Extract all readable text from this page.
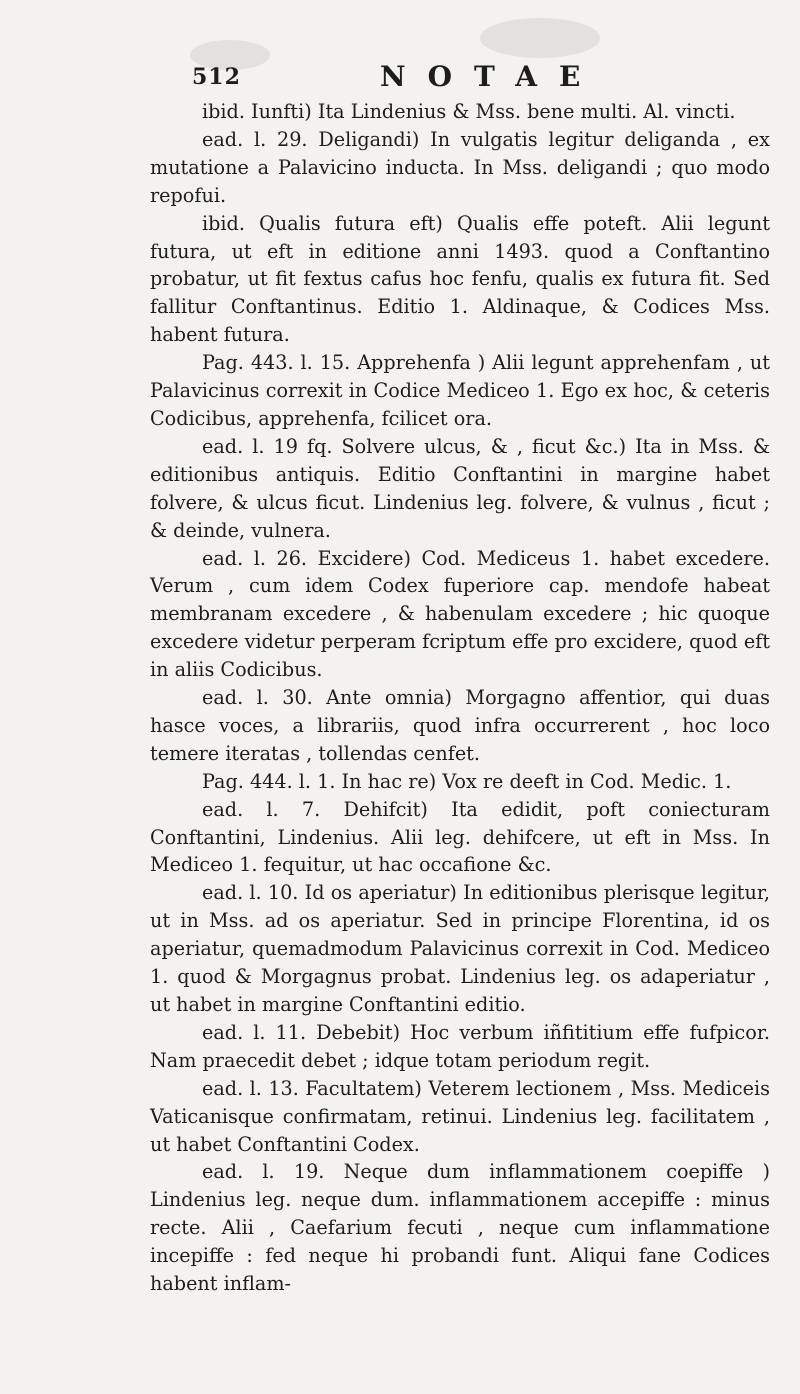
512	NOTAE

ibid. Iunfti) Ita Lindenius & Mss. bene multi. Al. vincti.

ead. l. 29. Deligandi) In vulgatis legitur deliganda , ex mutatione a Palavicino inducta. In Mss. deligandi ; quo modo repofui.

ibid. Qualis futura eft) Qualis effe poteft. Alii legunt futura, ut eft in editione anni 1493. quod a Conftantino probatur, ut fit fextus cafus hoc fenfu, qualis ex futura fit. Sed fallitur Conftantinus. Editio 1. Aldinaque, & Codices Mss. habent futura.

Pag. 443. l. 15. Apprehenfa ) Alii legunt apprehenfam , ut Palavicinus correxit in Codice Mediceo 1. Ego ex hoc, & ceteris Codicibus, apprehenfa, fcilicet ora.

ead. l. 19 fq. Solvere ulcus, & , ficut &c.) Ita in Mss. & editionibus antiquis. Editio Conftantini in margine habet folvere, & ulcus ficut. Lindenius leg. folvere, & vulnus , ficut ; & deinde, vulnera.

ead. l. 26. Excidere) Cod. Mediceus 1. habet excedere. Verum , cum idem Codex fuperiore cap. mendofe habeat membranam excedere , & habenulam excedere ; hic quoque excedere videtur perperam fcriptum effe pro excidere, quod eft in aliis Codicibus.

ead. l. 30. Ante omnia) Morgagno affentior, qui duas hasce voces, a librariis, quod infra occurrerent , hoc loco temere iteratas , tollendas cenfet.

Pag. 444. l. 1. In hac re) Vox re deeft in Cod. Medic. 1.

ead. l. 7. Dehifcit) Ita edidit, poft coniecturam Conftantini, Lindenius. Alii leg. dehifcere, ut eft in Mss. In Mediceo 1. fequitur, ut hac occafione &c.

ead. l. 10. Id os aperiatur) In editionibus plerisque legitur, ut in Mss. ad os aperiatur. Sed in principe Florentina, id os aperiatur, quemadmodum Palavicinus correxit in Cod. Mediceo 1. quod & Morgagnus probat. Lindenius leg. os adaperiatur , ut habet in margine Conftantini editio.

ead. l. 11. Debebit) Hoc verbum iñfititium effe fufpicor. Nam praecedit debet ; idque totam periodum regit.

ead. l. 13. Facultatem) Veterem lectionem , Mss. Mediceis Vaticanisque confirmatam, retinui. Lindenius leg. facilitatem , ut habet Conftantini Codex.

ead. l. 19. Neque dum inflammationem coepiffe ) Lindenius leg. neque dum. inflammationem accepiffe : minus recte. Alii , Caefarium fecuti , neque cum inflammatione incepiffe : fed neque hi probandi funt. Aliqui fane Codices habent inflam-
